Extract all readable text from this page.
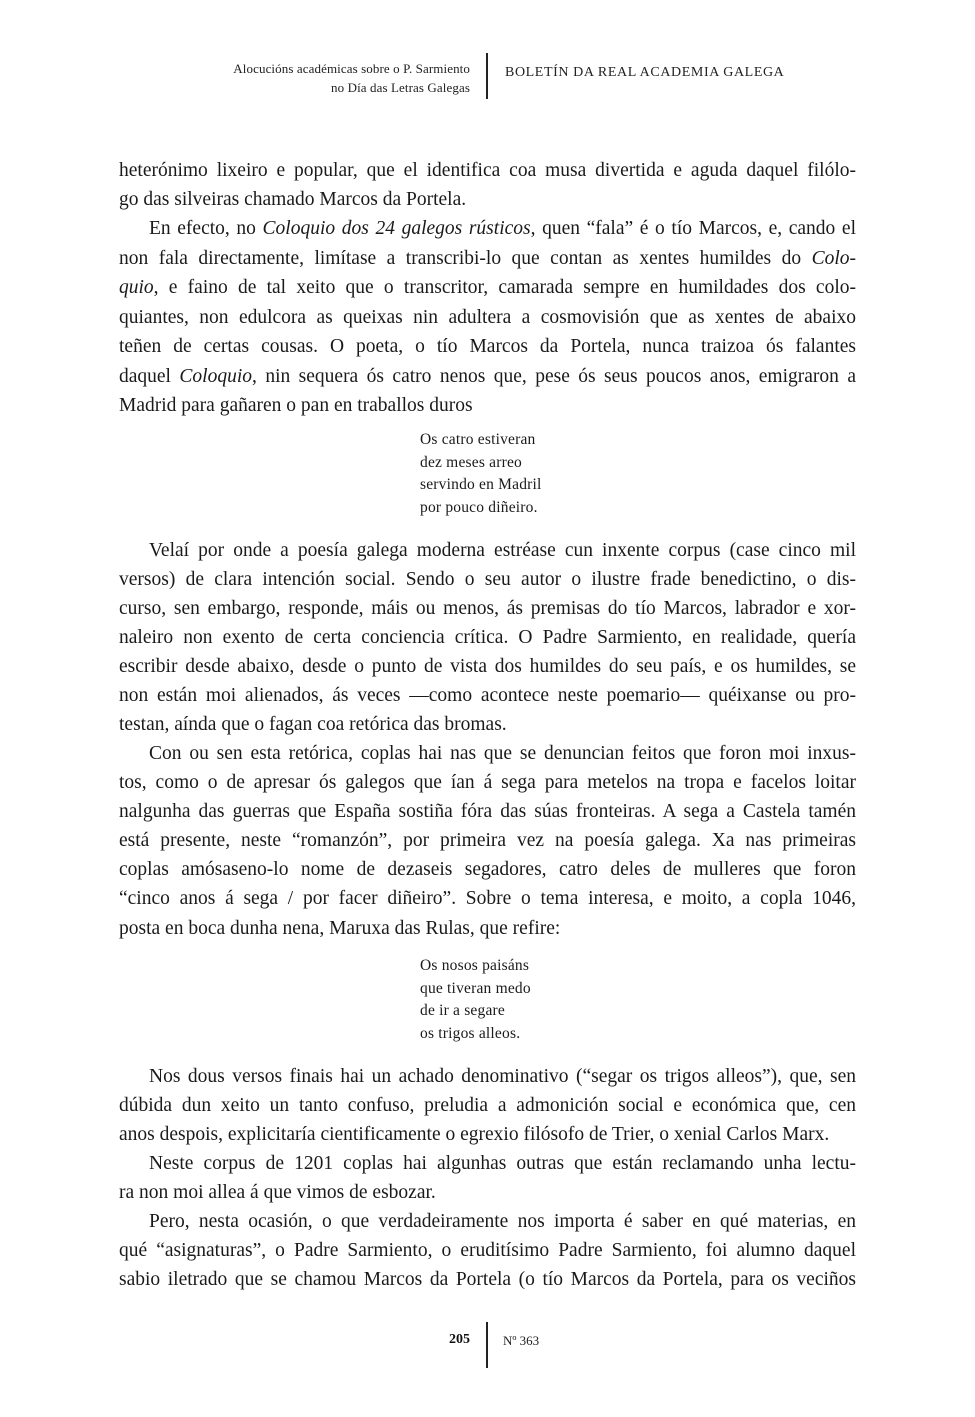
Alocucións académicas sobre o P. Sarmiento
no Día das Letras Galegas
BOLETÍN DA REAL ACADEMIA GALEGA
heterónimo lixeiro e popular, que el identifica coa musa divertida e aguda daquel filólo-
go das silveiras chamado Marcos da Portela.
En efecto, no Coloquio dos 24 galegos rústicos, quen “fala” é o tío Marcos, e, cando el
non fala directamente, limítase a transcribi-lo que contan as xentes humildes do Colo-
quio, e faino de tal xeito que o transcritor, camarada sempre en humildades dos colo-
quiantes, non edulcora as queixas nin adultera a cosmovisión que as xentes de abaixo
teñen de certas cousas. O poeta, o tío Marcos da Portela, nunca traizoa ós falantes
daquel Coloquio, nin sequera ós catro nenos que, pese ós seus poucos anos, emigraron a
Madrid para gañaren o pan en traballos duros
Velaí por onde a poesía galega moderna estréase cun inxente corpus (case cinco mil
versos) de clara intención social. Sendo o seu autor o ilustre frade benedictino, o dis-
curso, sen embargo, responde, máis ou menos, ás premisas do tío Marcos, labrador e xor-
naleiro non exento de certa conciencia crítica. O Padre Sarmiento, en realidade, quería
escribir desde abaixo, desde o punto de vista dos humildes do seu país, e os humildes, se
non están moi alienados, ás veces —como acontece neste poemario— quéixanse ou pro-
testan, aínda que o fagan coa retórica das bromas.
Con ou sen esta retórica, coplas hai nas que se denuncian feitos que foron moi inxus-
tos, como o de apresar ós galegos que ían á sega para metelos na tropa e facelos loitar
nalgunha das guerras que España sostiña fóra das súas fronteiras. A sega a Castela tamén
está presente, neste “romanzón”, por primeira vez na poesía galega. Xa nas primeiras
coplas amósaseno-lo nome de dezaseis segadores, catro deles de mulleres que foron
“cinco anos á sega / por facer diñeiro”. Sobre o tema interesa, e moito, a copla 1046,
posta en boca dunha nena, Maruxa das Rulas, que refire:
Nos dous versos finais hai un achado denominativo (“segar os trigos alleos”), que, sen
dúbida dun xeito un tanto confuso, preludia a admonición social e económica que, cen
anos despois, explicitaría cientificamente o egrexio filósofo de Trier, o xenial Carlos Marx.
Neste corpus de 1201 coplas hai algunhas outras que están reclamando unha lectu-
ra non moi allea á que vimos de esbozar.
Pero, nesta ocasión, o que verdadeiramente nos importa é saber en qué materias, en
qué “asignaturas”, o Padre Sarmiento, o eruditísimo Padre Sarmiento, foi alumno daquel
sabio iletrado que se chamou Marcos da Portela (o tío Marcos da Portela, para os veciños
Os catro estiveran
dez meses arreo
servindo en Madril
por pouco diñeiro.
Os nosos paisáns
que tiveran medo
de ir a segare
os trigos alleos.
205	Nº 363
